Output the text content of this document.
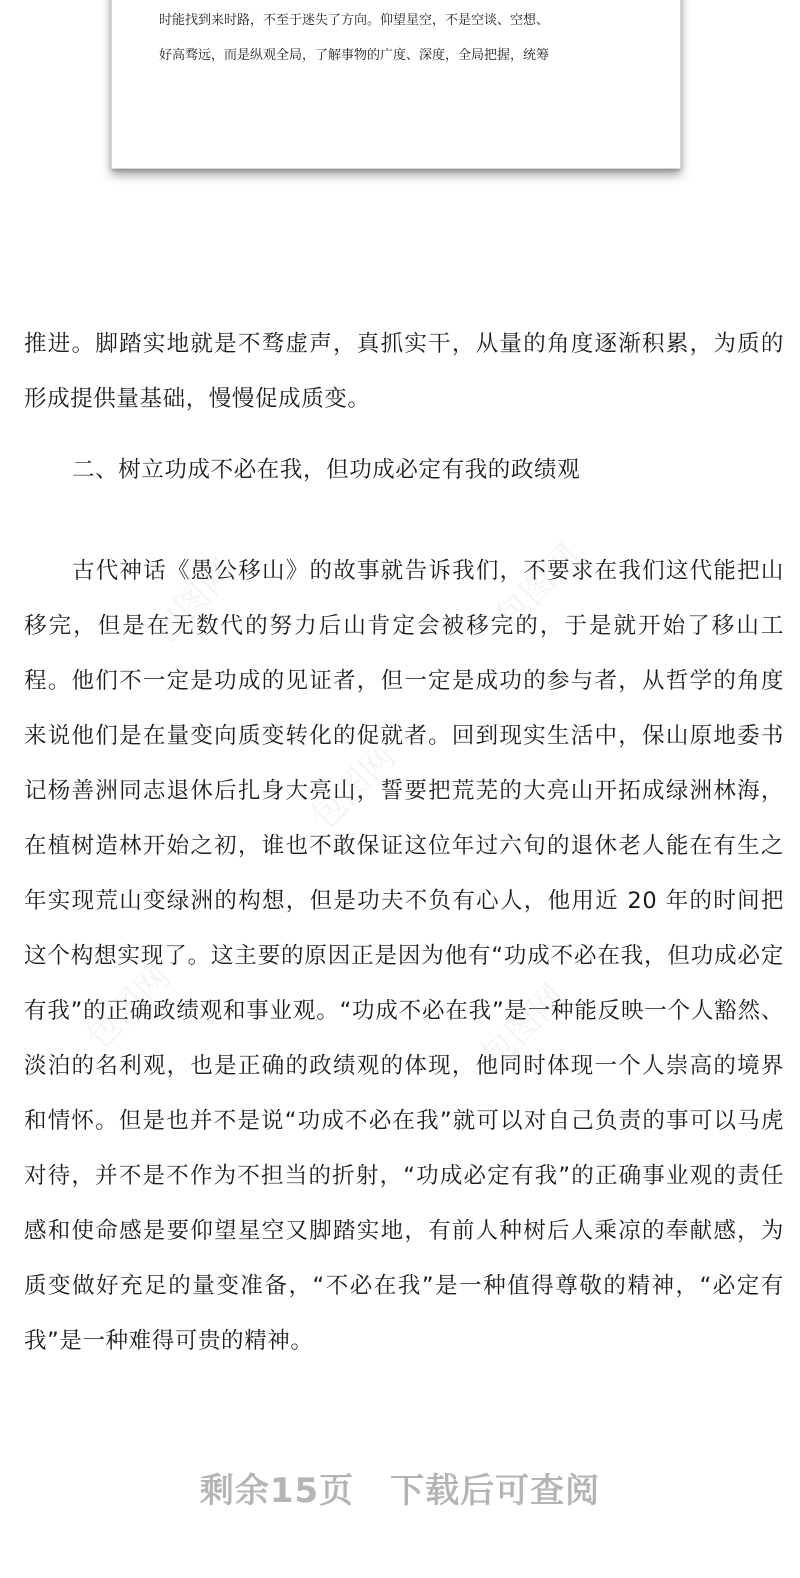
时能找到来时路，不至于迷失了方向。仰望星空，不是空谈、空想、
好高骛远，而是纵观全局，了解事物的广度、深度，全局把握，统筹
推进。脚踏实地就是不骛虚声，真抓实干，从量的角度逐渐积累，为质的形成提供量基础，慢慢促成质变。
二、树立功成不必在我，但功成必定有我的政绩观
古代神话《愚公移山》的故事就告诉我们，不要求在我们这代能把山移完，但是在无数代的努力后山肯定会被移完的，于是就开始了移山工程。他们不一定是功成的见证者，但一定是成功的参与者，从哲学的角度来说他们是在量变向质变转化的促就者。回到现实生活中，保山原地委书记杨善洲同志退休后扎身大亮山，誓要把荒芜的大亮山开拓成绿洲林海，在植树造林开始之初，谁也不敢保证这位年过六旬的退休老人能在有生之年实现荒山变绿洲的构想，但是功夫不负有心人，他用近 20 年的时间把这个构想实现了。这主要的原因正是因为他有“功成不必在我，但功成必定有我”的正确政绩观和事业观。“功成不必在我”是一种能反映一个人豁然、淡泊的名利观，也是正确的政绩观的体现，他同时体现一个人崇高的境界和情怀。但是也并不是说“功成不必在我”就可以对自己负责的事可以马虎对待，并不是不作为不担当的折射，“功成必定有我”的正确事业观的责任感和使命感是要仰望星空又脚踏实地，有前人种树后人乘凉的奉献感，为质变做好充足的量变准备，“不必在我”是一种值得尊敬的精神，“必定有我”是一种难得可贵的精神。
包图网	包图网
包图网
包图网	包图网
剩余15页 下载后可查阅
